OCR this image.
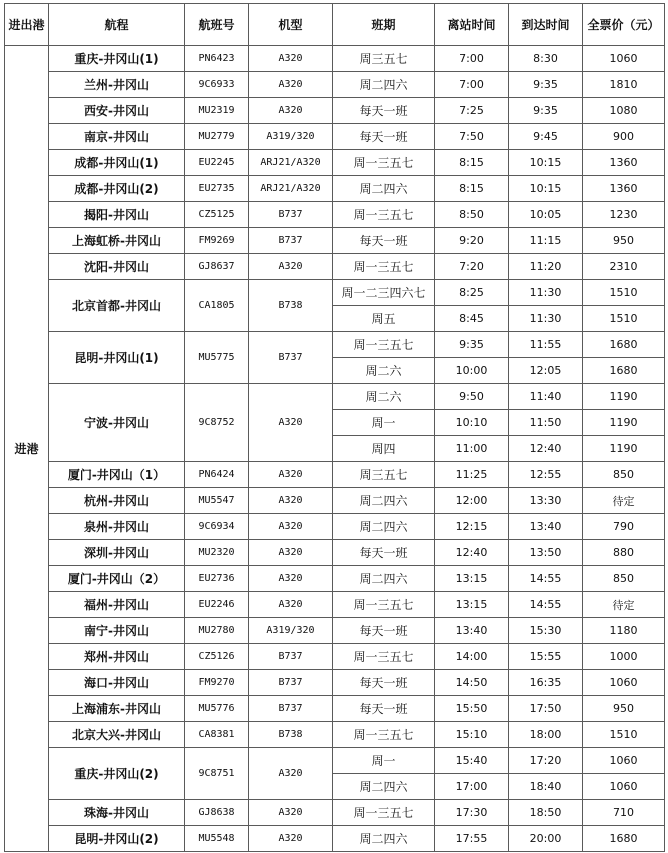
进出港	航程	航班号	机型	班期	离站时间	到达时间	全票价（元）
进港	重庆-井冈山(1)	PN6423	A320	周三五七	7:00	8:30	1060
	兰州-井冈山	9C6933	A320	周二四六	7:00	9:35	1810
	西安-井冈山	MU2319	A320	每天一班	7:25	9:35	1080
	南京-井冈山	MU2779	A319/320	每天一班	7:50	9:45	900
	成都-井冈山(1)	EU2245	ARJ21/A320	周一三五七	8:15	10:15	1360
	成都-井冈山(2)	EU2735	ARJ21/A320	周二四六	8:15	10:15	1360
	揭阳-井冈山	CZ5125	B737	周一三五七	8:50	10:05	1230
	上海虹桥-井冈山	FM9269	B737	每天一班	9:20	11:15	950
	沈阳-井冈山	GJ8637	A320	周一三五七	7:20	11:20	2310
	北京首都-井冈山	CA1805	B738	周一二三四六七	8:25	11:30	1510
				周五	8:45	11:30	1510
	昆明-井冈山(1)	MU5775	B737	周一三五七	9:35	11:55	1680
				周二六	10:00	12:05	1680
	宁波-井冈山	9C8752	A320	周二六	9:50	11:40	1190
				周一	10:10	11:50	1190
				周四	11:00	12:40	1190
	厦门-井冈山（1）	PN6424	A320	周三五七	11:25	12:55	850
	杭州-井冈山	MU5547	A320	周二四六	12:00	13:30	待定
	泉州-井冈山	9C6934	A320	周二四六	12:15	13:40	790
	深圳-井冈山	MU2320	A320	每天一班	12:40	13:50	880
	厦门-井冈山（2）	EU2736	A320	周二四六	13:15	14:55	850
	福州-井冈山	EU2246	A320	周一三五七	13:15	14:55	待定
	南宁-井冈山	MU2780	A319/320	每天一班	13:40	15:30	1180
	郑州-井冈山	CZ5126	B737	周一三五七	14:00	15:55	1000
	海口-井冈山	FM9270	B737	每天一班	14:50	16:35	1060
	上海浦东-井冈山	MU5776	B737	每天一班	15:50	17:50	950
	北京大兴-井冈山	CA8381	B738	周一三五七	15:10	18:00	1510
	重庆-井冈山(2)	9C8751	A320	周一	15:40	17:20	1060
				周二四六	17:00	18:40	1060
	珠海-井冈山	GJ8638	A320	周一三五七	17:30	18:50	710
	昆明-井冈山(2)	MU5548	A320	周二四六	17:55	20:00	1680
